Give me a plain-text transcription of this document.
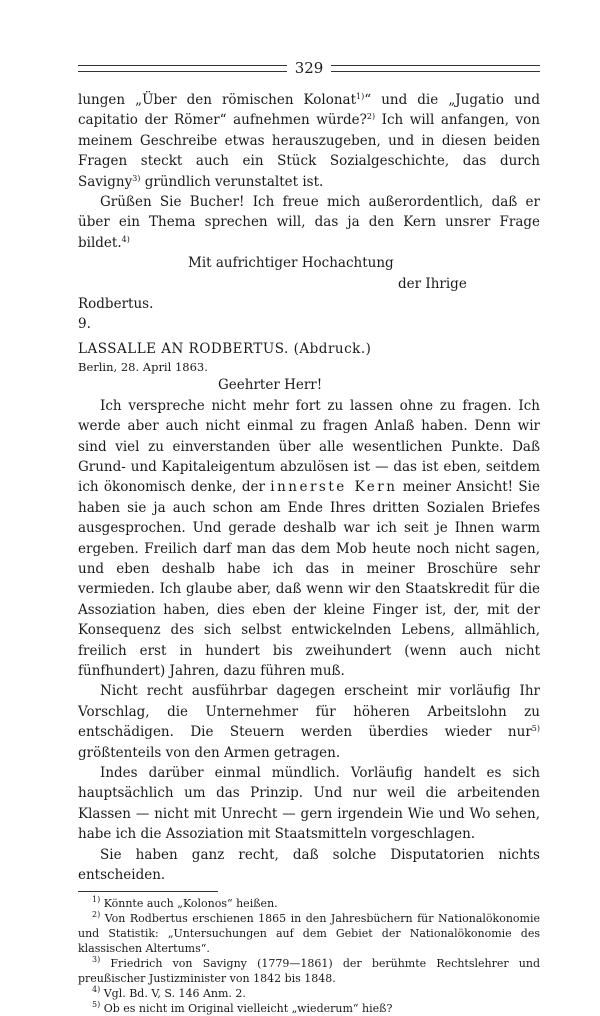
329

lungen „Über den römischen Kolonat$^{1)}$“ und die „Jugatio und capitatio der Römer“ aufnehmen würde?$^{2)}$ Ich will anfangen, von meinem Geschreibe etwas herauszugeben, und in diesen beiden Fragen steckt auch ein Stück Sozialgeschichte, das durch Savigny$^{3)}$ gründlich verunstaltet ist.

Grüßen Sie Bucher! Ich freue mich außerordentlich, daß er über ein Thema sprechen will, das ja den Kern unsrer Frage bildet.$^{4)}$

Mit aufrichtiger Hochachtung

der Ihrige

Rodbertus.

9.

LASSALLE AN RODBERTUS. (Abdruck.)

Berlin, 28. April 1863.

Geehrter Herr!

Ich verspreche nicht mehr fort zu lassen ohne zu fragen. Ich werde aber auch nicht einmal zu fragen Anlaß haben. Denn wir sind viel zu einverstanden über alle wesentlichen Punkte. Daß Grund- und Kapitaleigentum abzulösen ist — das ist eben, seitdem ich ökonomisch denke, der innerste Kern meiner Ansicht! Sie haben sie ja auch schon am Ende Ihres dritten Sozialen Briefes ausgesprochen. Und gerade deshalb war ich seit je Ihnen warm ergeben. Freilich darf man das dem Mob heute noch nicht sagen, und eben deshalb habe ich das in meiner Broschüre sehr vermieden. Ich glaube aber, daß wenn wir den Staatskredit für die Assoziation haben, dies eben der kleine Finger ist, der, mit der Konsequenz des sich selbst entwickelnden Lebens, allmählich, freilich erst in hundert bis zweihundert (wenn auch nicht fünfhundert) Jahren, dazu führen muß.

Nicht recht ausführbar dagegen erscheint mir vorläufig Ihr Vorschlag, die Unternehmer für höheren Arbeitslohn zu entschädigen. Die Steuern werden überdies wieder nur$^{5)}$ größtenteils von den Armen getragen.

Indes darüber einmal mündlich. Vorläufig handelt es sich hauptsächlich um das Prinzip. Und nur weil die arbeitenden Klassen — nicht mit Unrecht — gern irgendein Wie und Wo sehen, habe ich die Assoziation mit Staatsmitteln vorgeschlagen.

Sie haben ganz recht, daß solche Disputatorien nichts entscheiden.

$^{1)}$ Könnte auch „Kolonos“ heißen.

$^{2)}$ Von Rodbertus erschienen 1865 in den Jahresbüchern für Nationalökonomie und Statistik: „Untersuchungen auf dem Gebiet der Nationalökonomie des klassischen Altertums“.

$^{3)}$ Friedrich von Savigny (1779—1861) der berühmte Rechtslehrer und preußischer Justizminister von 1842 bis 1848.

$^{4)}$ Vgl. Bd. V, S. 146 Anm. 2.

$^{5)}$ Ob es nicht im Original vielleicht „wiederum“ hieß?
